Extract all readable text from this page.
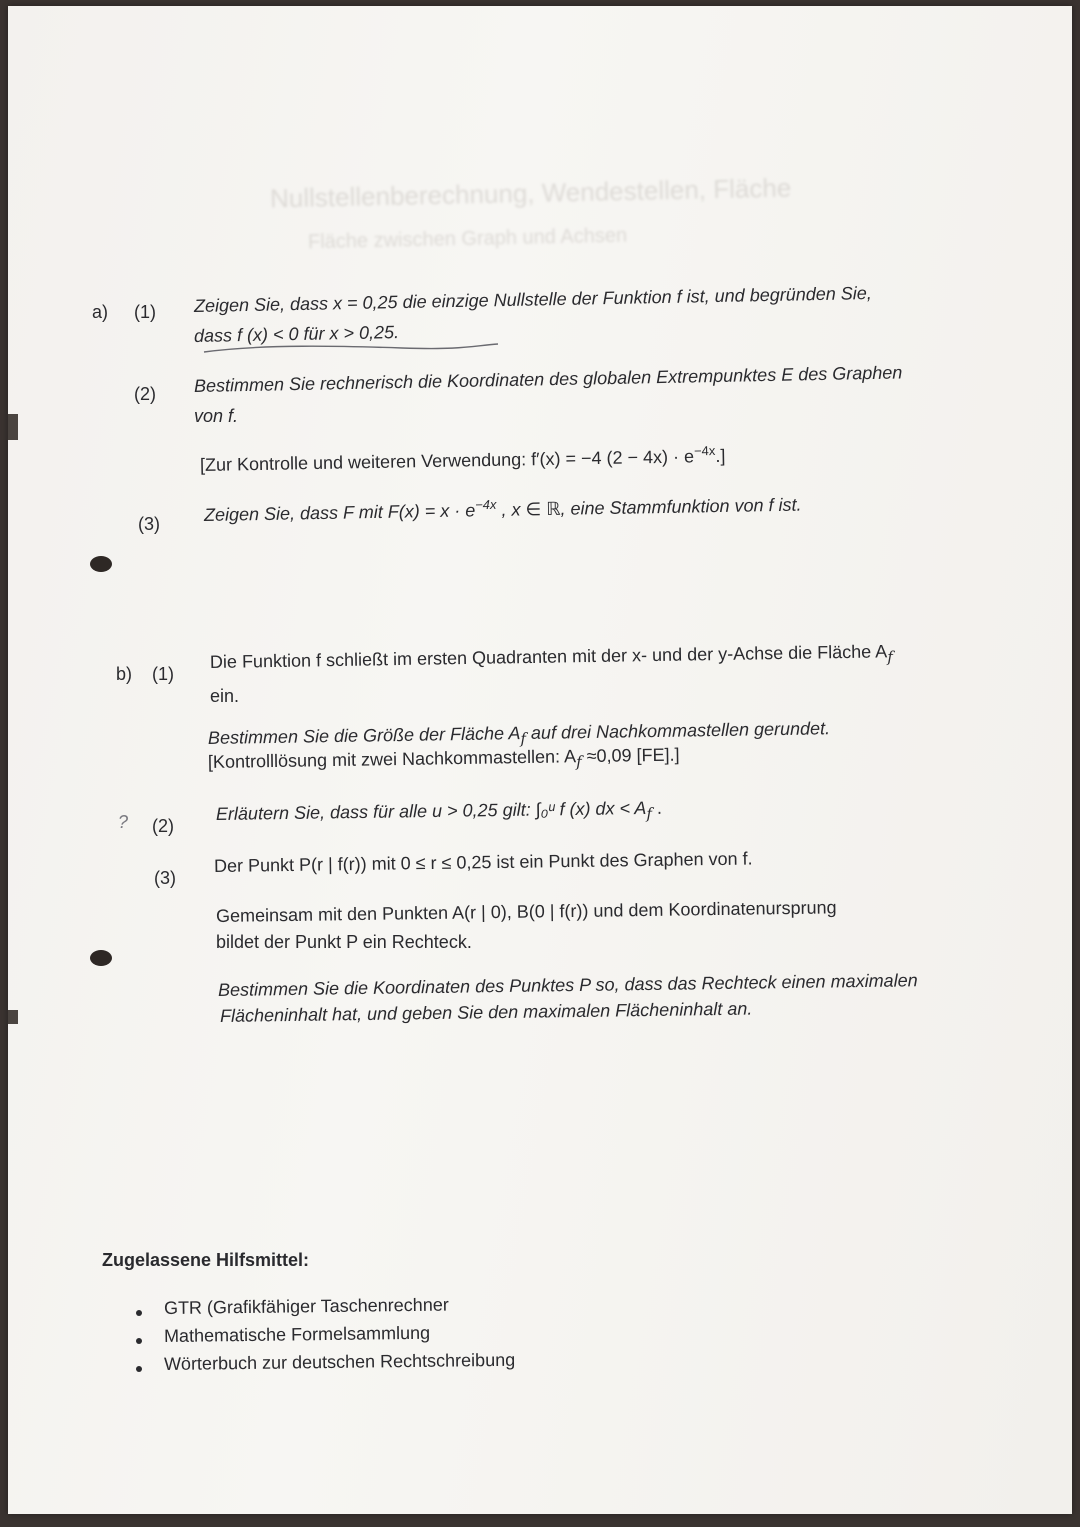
Nullstellenberechnung, Wendestellen, Fläche
Fläche zwischen Graph und Achsen
a) (1) Zeigen Sie, dass x = 0,25 die einzige Nullstelle der Funktion f ist, und begründen Sie,
dass f (x) < 0 für x > 0,25.
(2) Bestimmen Sie rechnerisch die Koordinaten des globalen Extrempunktes E des Graphen
von f.
[Zur Kontrolle und weiteren Verwendung: f′(x) = −4 $(2 - 4x) \cdot e^{-4x}$.]
(3) Zeigen Sie, dass F mit $F(x) = x \cdot e^{-4x}$ , x ∈ ℝ, eine Stammfunktion von f ist.
b) (1)
Die Funktion f schließt im ersten Quadranten mit der x- und der y-Achse die Fläche $A_f$
ein.
Bestimmen Sie die Größe der Fläche $A_f$ auf drei Nachkommastellen gerundet.
[Kontrolllösung mit zwei Nachkommastellen: $A_f \approx 0,09$ [FE].]
? (2)
Erläutern Sie, dass für alle u > 0,25 gilt: ∫₀ᵘ f (x) dx < $A_f$ .
(3)
Der Punkt P(r | f(r)) mit 0 ≤ r ≤ 0,25 ist ein Punkt des Graphen von f.
Gemeinsam mit den Punkten A(r | 0), B(0 | f(r)) und dem Koordinatenursprung
bildet der Punkt P ein Rechteck.
Bestimmen Sie die Koordinaten des Punktes P so, dass das Rechteck einen maximalen
Flächeninhalt hat, und geben Sie den maximalen Flächeninhalt an.
Zugelassene Hilfsmittel:
GTR (Grafikfähiger Taschenrechner
Mathematische Formelsammlung
Wörterbuch zur deutschen Rechtschreibung
